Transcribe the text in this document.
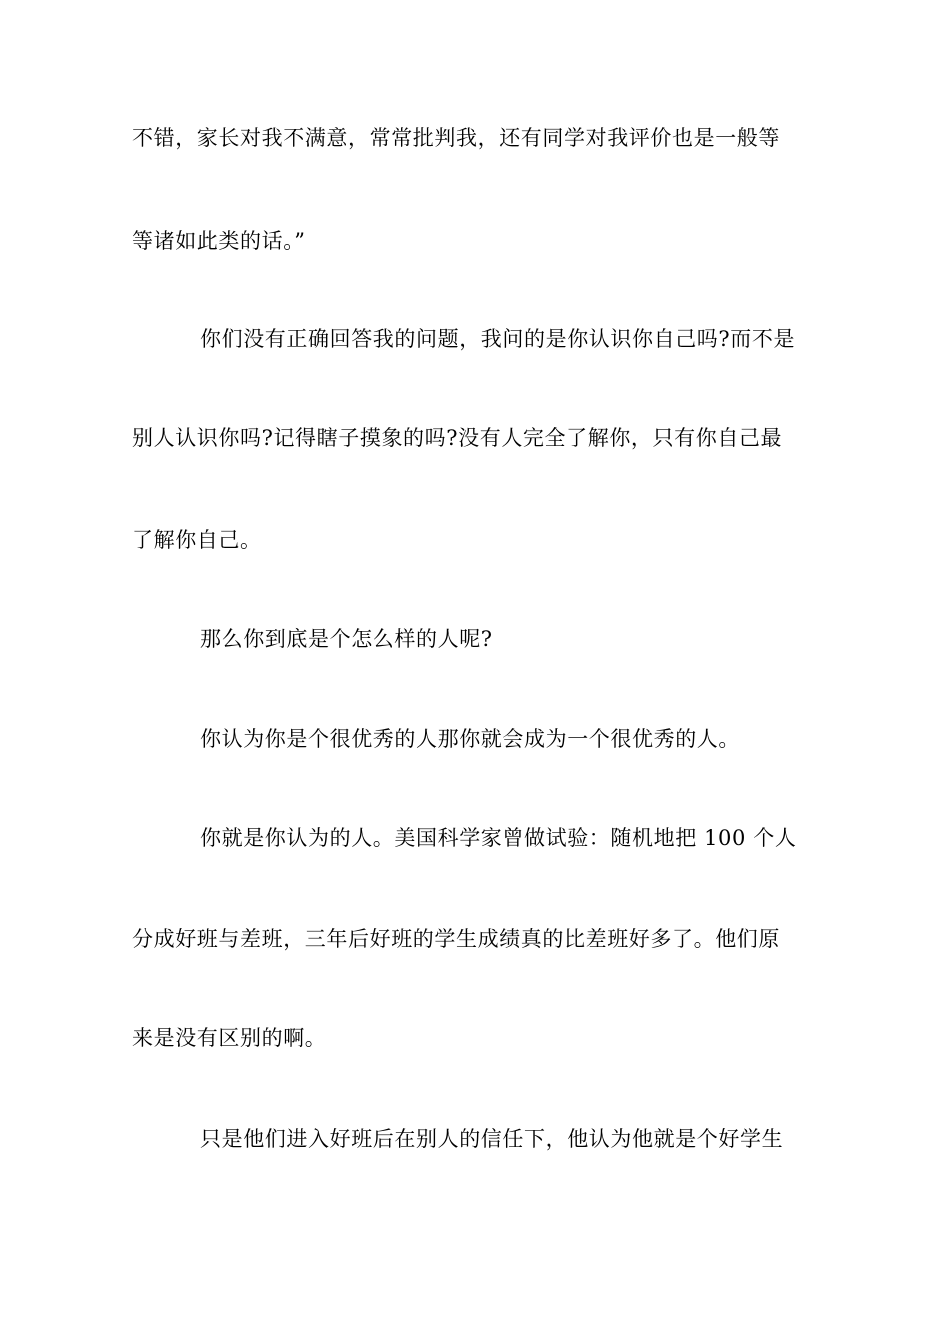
不错，家长对我不满意，常常批判我，还有同学对我评价也是一般等

等诸如此类的话。”

你们没有正确回答我的问题，我问的是你认识你自己吗?而不是

别人认识你吗?记得瞎子摸象的吗?没有人完全了解你，只有你自己最

了解你自己。

那么你到底是个怎么样的人呢?

你认为你是个很优秀的人那你就会成为一个很优秀的人。

你就是你认为的人。美国科学家曾做试验：随机地把 100 个人

分成好班与差班，三年后好班的学生成绩真的比差班好多了。他们原

来是没有区别的啊。

只是他们进入好班后在别人的信任下，他认为他就是个好学生
